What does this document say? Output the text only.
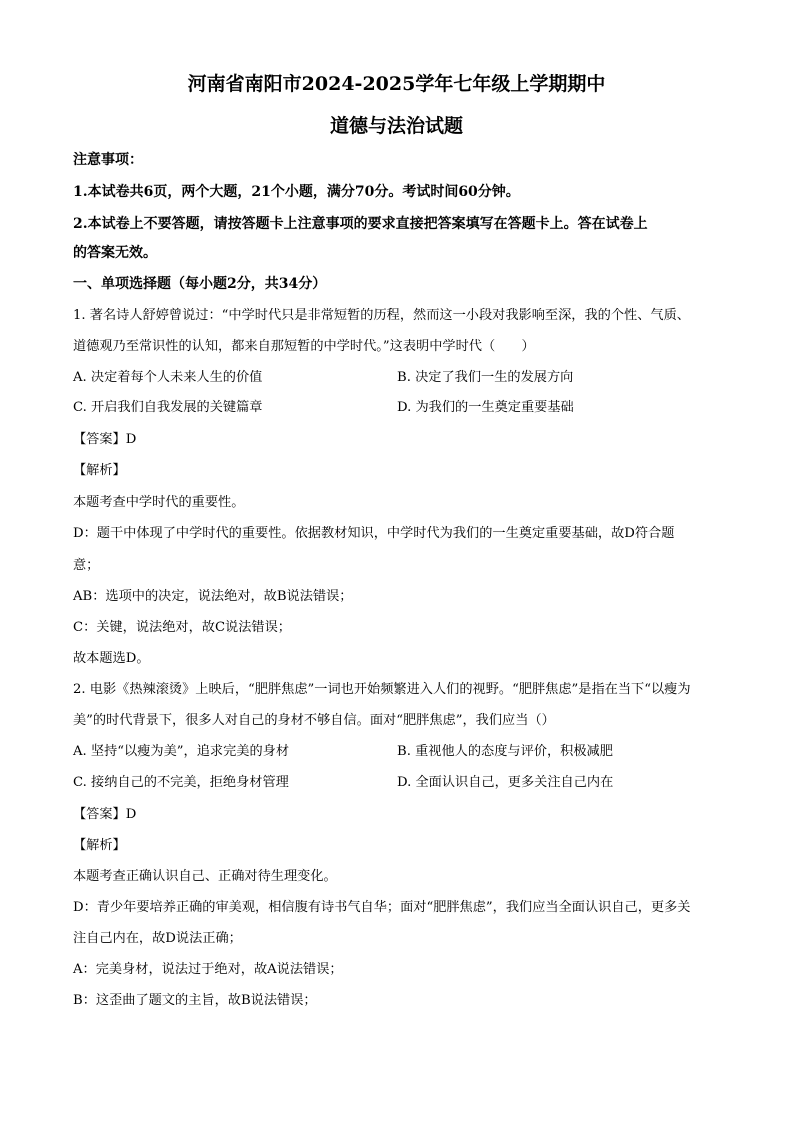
河南省南阳市2024-2025学年七年级上学期期中
道德与法治试题
注意事项：
1.本试卷共6页，两个大题，21个小题，满分70分。考试时间60分钟。
2.本试卷上不要答题，请按答题卡上注意事项的要求直接把答案填写在答题卡上。答在试卷上
的答案无效。
一、单项选择题（每小题2分，共34分）
1. 著名诗人舒婷曾说过：“中学时代只是非常短暂的历程，然而这一小段对我影响至深，我的个性、气质、
道德观乃至常识性的认知，都来自那短暂的中学时代。”这表明中学时代（　　）
A. 决定着每个人未来人生的价值	B. 决定了我们一生的发展方向
C. 开启我们自我发展的关键篇章	D. 为我们的一生奠定重要基础
【答案】D
【解析】
本题考查中学时代的重要性。
D：题干中体现了中学时代的重要性。依据教材知识，中学时代为我们的一生奠定重要基础，故D符合题
意；
AB：选项中的决定，说法绝对，故B说法错误；
C：关键，说法绝对，故C说法错误；
故本题选D。
2. 电影《热辣滚烫》上映后，“肥胖焦虑”一词也开始频繁进入人们的视野。“肥胖焦虑”是指在当下“以瘦为
美”的时代背景下，很多人对自己的身材不够自信。面对“肥胖焦虑”，我们应当（）
A. 坚持“以瘦为美”，追求完美的身材	B. 重视他人的态度与评价，积极减肥
C. 接纳自己的不完美，拒绝身材管理	D. 全面认识自己，更多关注自己内在
【答案】D
【解析】
本题考查正确认识自己、正确对待生理变化。
D：青少年要培养正确的审美观，相信腹有诗书气自华；面对“肥胖焦虑”，我们应当全面认识自己，更多关
注自己内在，故D说法正确；
A：完美身材，说法过于绝对，故A说法错误；
B：这歪曲了题文的主旨，故B说法错误；
